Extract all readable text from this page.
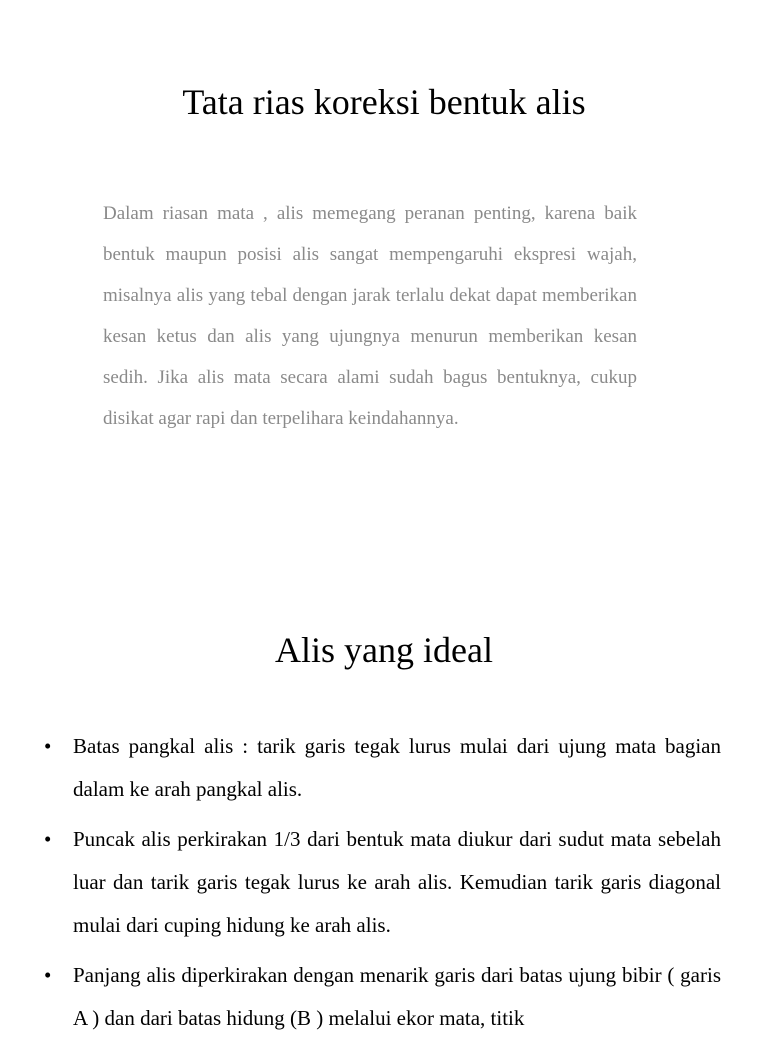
Tata rias koreksi bentuk alis

Dalam riasan mata , alis memegang peranan penting, karena baik bentuk maupun posisi alis sangat mempengaruhi ekspresi wajah, misalnya alis yang tebal dengan jarak terlalu dekat dapat memberikan kesan ketus dan alis yang ujungnya menurun memberikan kesan sedih. Jika alis mata secara alami sudah bagus bentuknya, cukup disikat agar rapi dan terpelihara keindahannya.

Alis yang ideal
• Batas pangkal alis : tarik garis tegak lurus mulai dari ujung mata bagian dalam ke arah pangkal alis.
• Puncak alis perkirakan 1/3 dari bentuk mata diukur dari sudut mata sebelah luar dan tarik garis tegak lurus ke arah alis. Kemudian tarik garis diagonal mulai dari cuping hidung ke arah alis.
• Panjang alis diperkirakan dengan menarik garis dari batas ujung bibir ( garis A ) dan dari batas hidung (B ) melalui ekor mata, titik
